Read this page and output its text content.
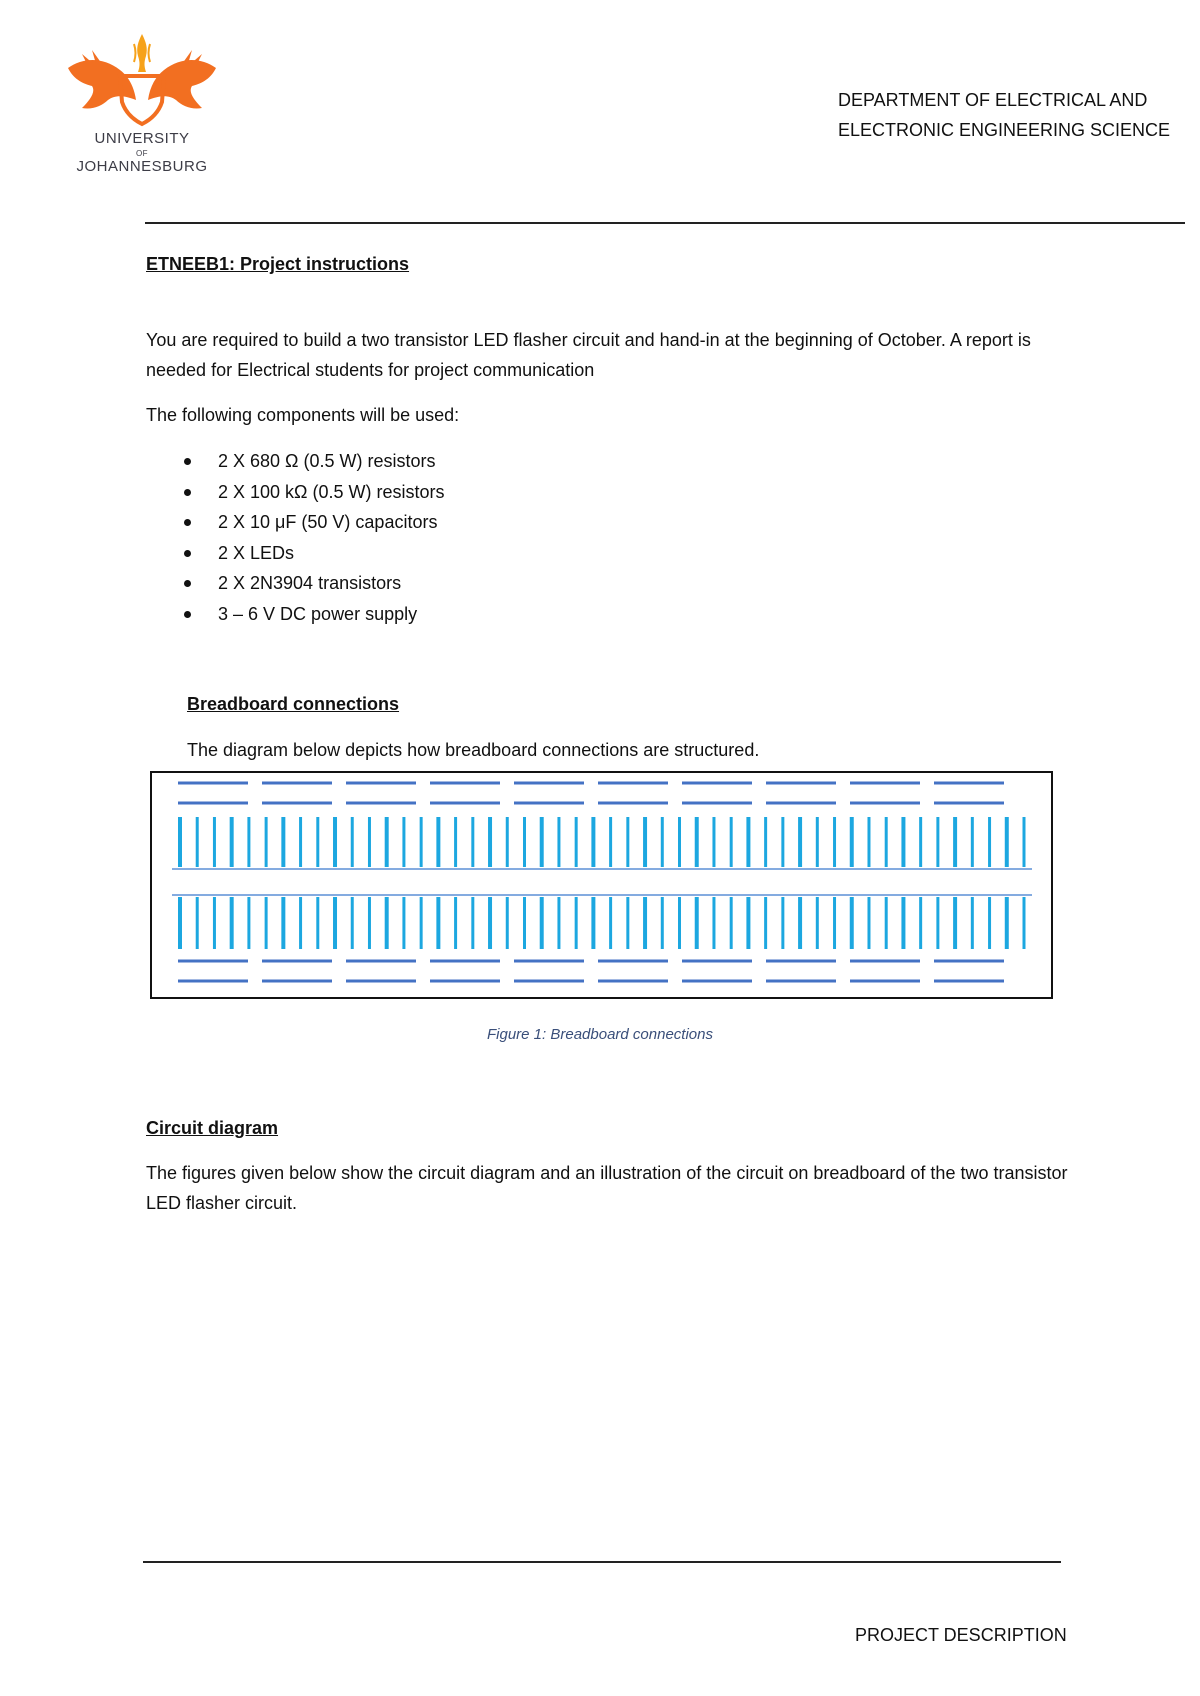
UNIVERSITY
OF
JOHANNESBURG
DEPARTMENT OF ELECTRICAL AND
ELECTRONIC ENGINEERING SCIENCE
ETNEEB1: Project instructions
You are required to build a two transistor LED flasher circuit and hand-in at the beginning of October. A report is needed for Electrical students for project communication
The following components will be used:
2 X 680 Ω (0.5 W) resistors
2 X 100 kΩ (0.5 W) resistors
2 X 10 μF (50 V) capacitors
2 X LEDs
2 X 2N3904 transistors
3 – 6 V DC power supply
Breadboard connections
The diagram below depicts how breadboard connections are structured.
Figure 1: Breadboard connections
Circuit diagram
The figures given below show the circuit diagram and an illustration of the circuit on breadboard of the two transistor LED flasher circuit.
PROJECT DESCRIPTION
